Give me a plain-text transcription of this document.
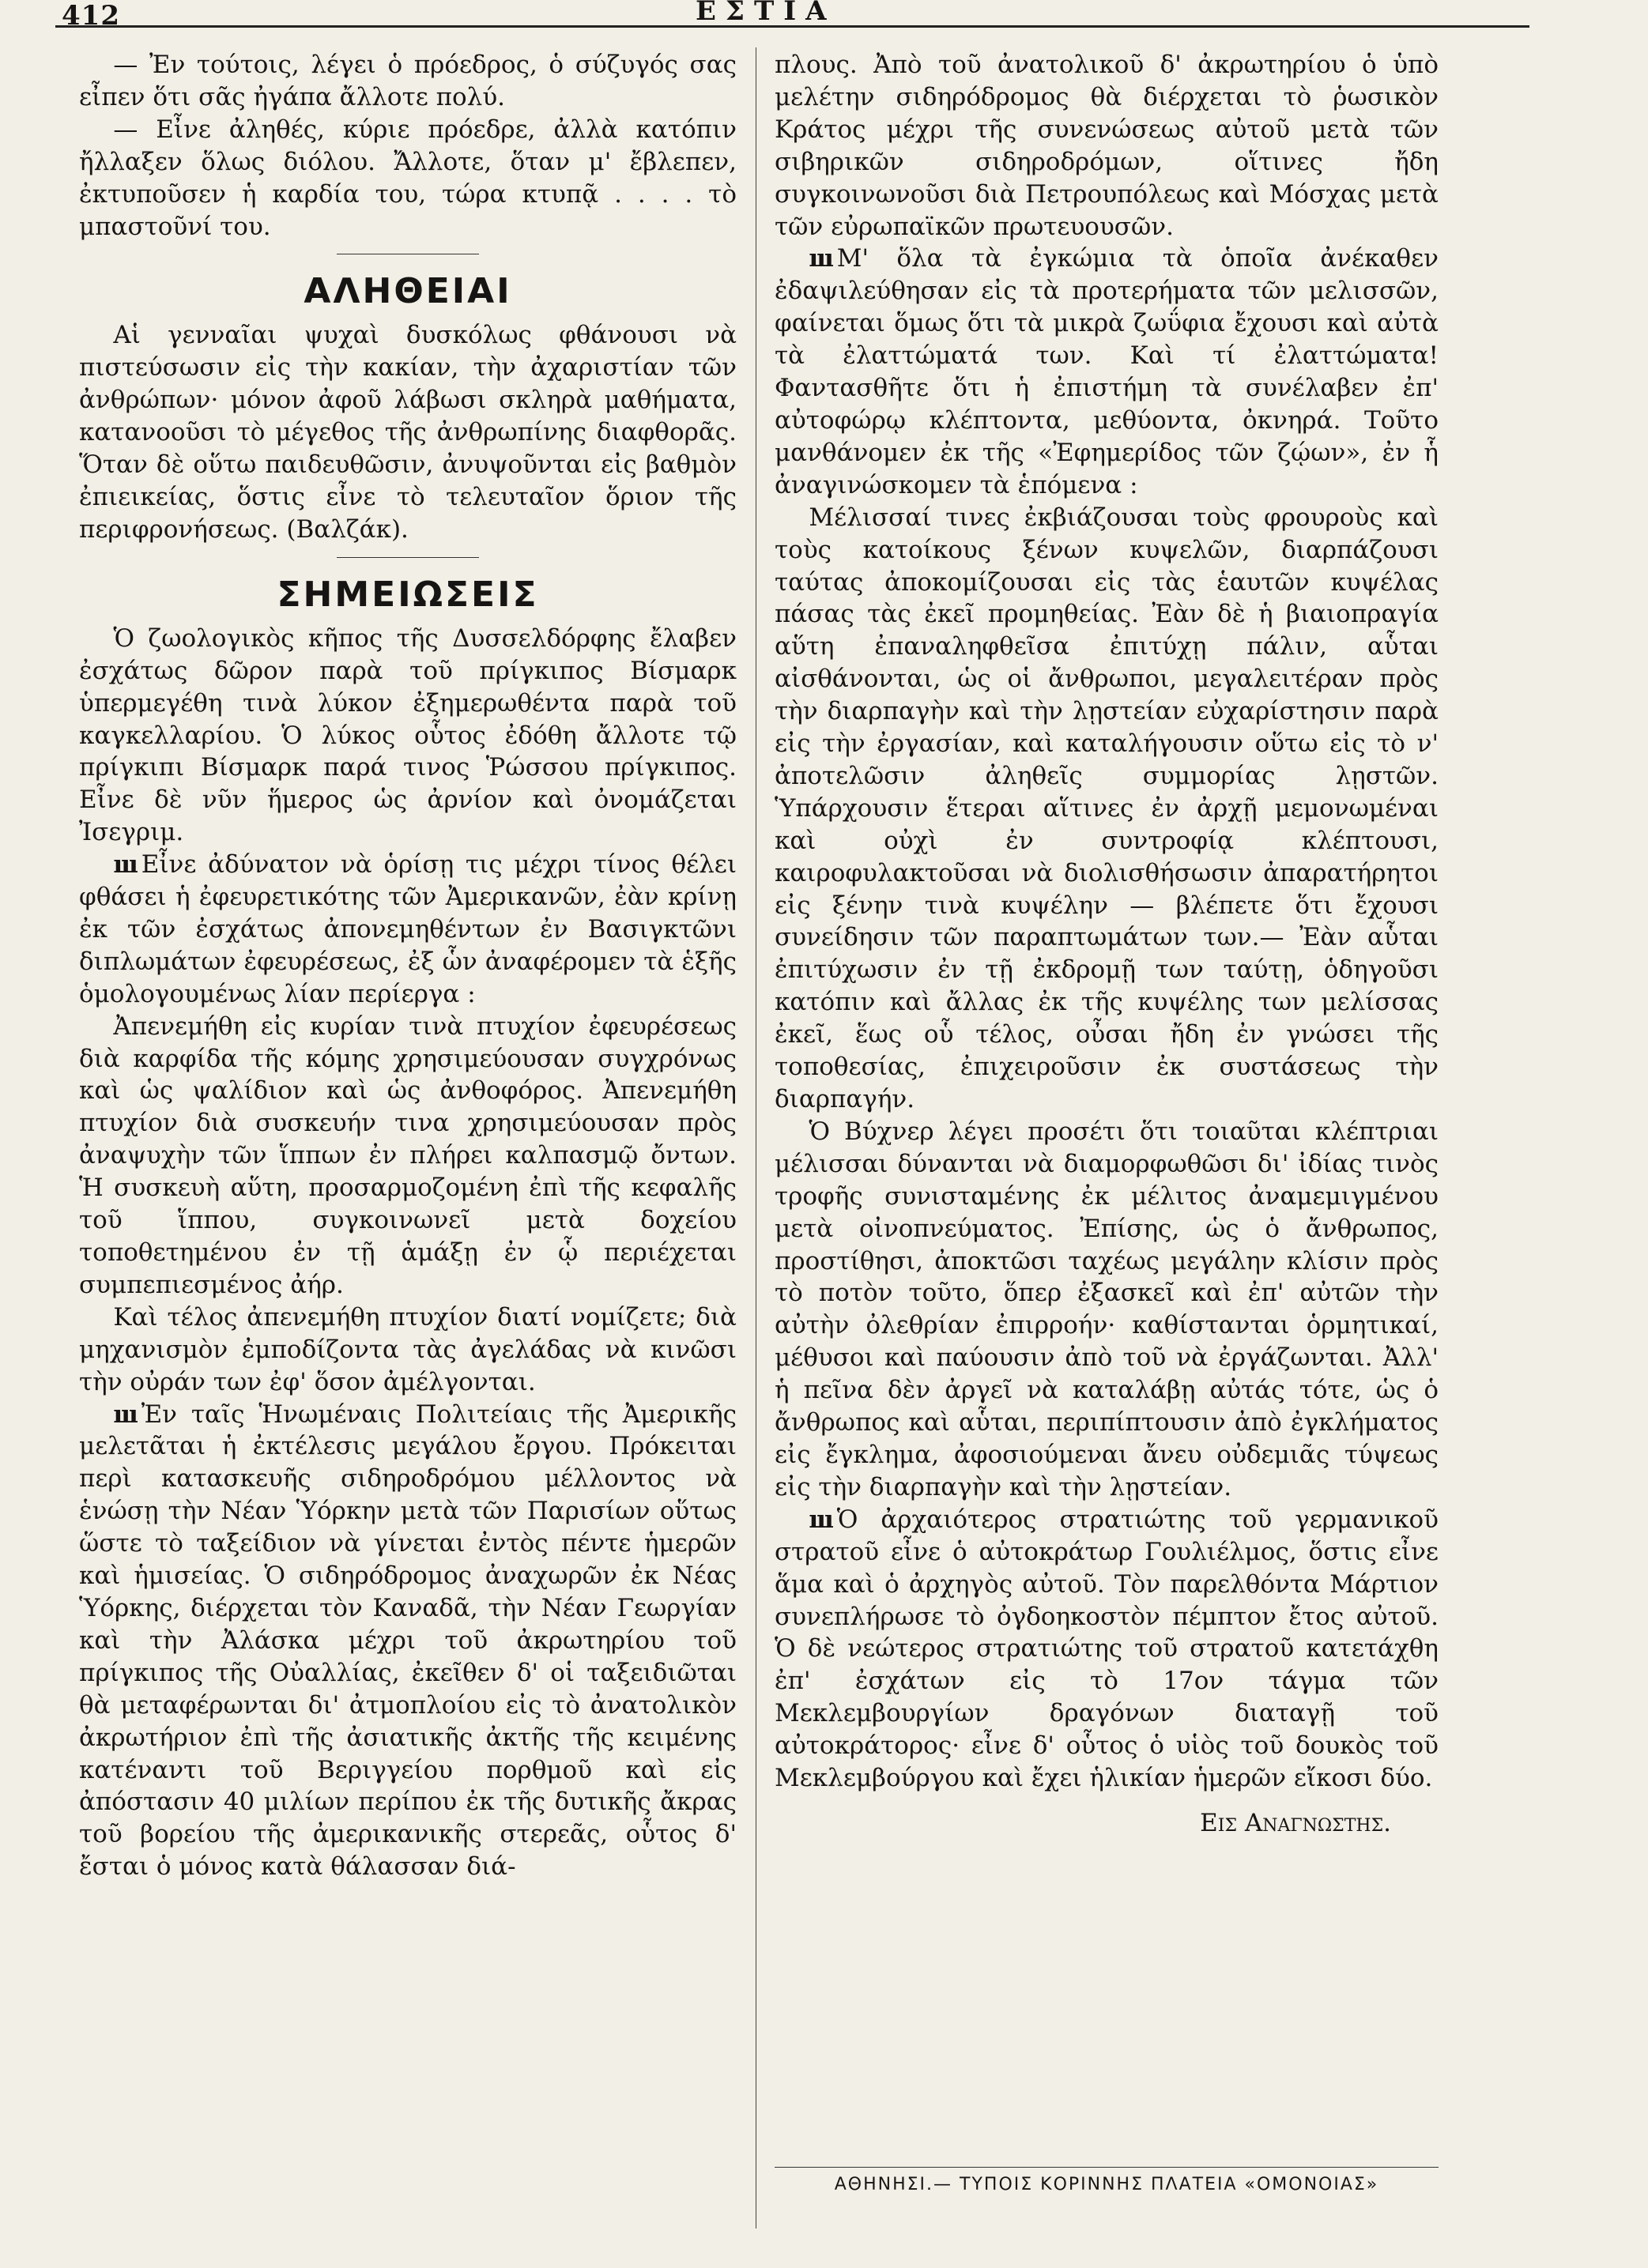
412	ΕΣΤΙΑ

— Ἐν τούτοις, λέγει ὁ πρόεδρος, ὁ σύζυγός σας εἶπεν ὅτι σᾶς ἠγάπα ἄλλοτε πολύ.

— Εἶνε ἀληθές, κύριε πρόεδρε, ἀλλὰ κατόπιν ἤλλαξεν ὅλως διόλου. Ἄλλοτε, ὅταν μ' ἔβλεπεν, ἐκτυποῦσεν ἡ καρδία του, τώρα κτυπᾷ . . . . τὸ μπαστοῦνί του.

ΑΛΗΘΕΙΑΙ

Αἱ γενναῖαι ψυχαὶ δυσκόλως φθάνουσι νὰ πιστεύσωσιν εἰς τὴν κακίαν, τὴν ἀχαριστίαν τῶν ἀνθρώπων· μόνον ἀφοῦ λάβωσι σκληρὰ μαθήματα, κατανοοῦσι τὸ μέγεθος τῆς ἀνθρωπίνης διαφθορᾶς. Ὅταν δὲ οὕτω παιδευθῶσιν, ἀνυψοῦνται εἰς βαθμὸν ἐπιεικείας, ὅστις εἶνε τὸ τελευταῖον ὅριον τῆς περιφρονήσεως. (Βαλζάκ).

ΣΗΜΕΙΩΣΕΙΣ

Ὁ ζωολογικὸς κῆπος τῆς Δυσσελδόρφης ἔλαβεν ἐσχάτως δῶρον παρὰ τοῦ πρίγκιπος Βίσμαρκ ὑπερμεγέθη τινὰ λύκον ἐξημερωθέντα παρὰ τοῦ καγκελλαρίου. Ὁ λύκος οὗτος ἐδόθη ἄλλοτε τῷ πρίγκιπι Βίσμαρκ παρά τινος Ῥώσσου πρίγκιπος. Εἶνε δὲ νῦν ἥμερος ὡς ἀρνίον καὶ ὀνομάζεται Ἰσεγριμ.

ııı Εἶνε ἀδύνατον νὰ ὁρίσῃ τις μέχρι τίνος θέλει φθάσει ἡ ἐφευρετικότης τῶν Ἀμερικανῶν, ἐὰν κρίνῃ ἐκ τῶν ἐσχάτως ἀπονεμηθέντων ἐν Βασιγκτῶνι διπλωμάτων ἐφευρέσεως, ἐξ ὧν ἀναφέρομεν τὰ ἑξῆς ὁμολογουμένως λίαν περίεργα :

Ἀπενεμήθη εἰς κυρίαν τινὰ πτυχίον ἐφευρέσεως διὰ καρφίδα τῆς κόμης χρησιμεύουσαν συγχρόνως καὶ ὡς ψαλίδιον καὶ ὡς ἀνθοφόρος. Ἀπενεμήθη πτυχίον διὰ συσκευήν τινα χρησιμεύουσαν πρὸς ἀναψυχὴν τῶν ἵππων ἐν πλήρει καλπασμῷ ὄντων. Ἡ συσκευὴ αὕτη, προσαρμοζομένη ἐπὶ τῆς κεφαλῆς τοῦ ἵππου, συγκοινωνεῖ μετὰ δοχείου τοποθετημένου ἐν τῇ ἁμάξῃ ἐν ᾧ περιέχεται συμπεπιεσμένος ἀήρ.

Καὶ τέλος ἀπενεμήθη πτυχίον διατί νομίζετε; διὰ μηχανισμὸν ἐμποδίζοντα τὰς ἀγελάδας νὰ κινῶσι τὴν οὐράν των ἐφ' ὅσον ἀμέλγονται.

ııı Ἐν ταῖς Ἡνωμέναις Πολιτείαις τῆς Ἀμερικῆς μελετᾶται ἡ ἐκτέλεσις μεγάλου ἔργου. Πρόκειται περὶ κατασκευῆς σιδηροδρόμου μέλλοντος νὰ ἑνώσῃ τὴν Νέαν Ὑόρκην μετὰ τῶν Παρισίων οὕτως ὥστε τὸ ταξείδιον νὰ γίνεται ἐντὸς πέντε ἡμερῶν καὶ ἡμισείας. Ὁ σιδηρόδρομος ἀναχωρῶν ἐκ Νέας Ὑόρκης, διέρχεται τὸν Καναδᾶ, τὴν Νέαν Γεωργίαν καὶ τὴν Ἀλάσκα μέχρι τοῦ ἀκρωτηρίου τοῦ πρίγκιπος τῆς Οὐαλλίας, ἐκεῖθεν δ' οἱ ταξειδιῶται θὰ μεταφέρωνται δι' ἀτμοπλοίου εἰς τὸ ἀνατολικὸν ἀκρωτήριον ἐπὶ τῆς ἀσιατικῆς ἀκτῆς τῆς κειμένης κατέναντι τοῦ Βεριγγείου πορθμοῦ καὶ εἰς ἀπόστασιν 40 μιλίων περίπου ἐκ τῆς δυτικῆς ἄκρας τοῦ βορείου τῆς ἀμερικανικῆς στερεᾶς, οὗτος δ' ἔσται ὁ μόνος κατὰ θάλασσαν διά-

πλους. Ἀπὸ τοῦ ἀνατολικοῦ δ' ἀκρωτηρίου ὁ ὑπὸ μελέτην σιδηρόδρομος θὰ διέρχεται τὸ ῥωσικὸν Κράτος μέχρι τῆς συνενώσεως αὐτοῦ μετὰ τῶν σιβηρικῶν σιδηροδρόμων, οἵτινες ἤδη συγκοινωνοῦσι διὰ Πετρουπόλεως καὶ Μόσχας μετὰ τῶν εὐρωπαϊκῶν πρωτευουσῶν.

ııı Μ' ὅλα τὰ ἐγκώμια τὰ ὁποῖα ἀνέκαθεν ἐδαψιλεύθησαν εἰς τὰ προτερήματα τῶν μελισσῶν, φαίνεται ὅμως ὅτι τὰ μικρὰ ζωΰφια ἔχουσι καὶ αὐτὰ τὰ ἐλαττώματά των. Καὶ τί ἐλαττώματα! Φαντασθῆτε ὅτι ἡ ἐπιστήμη τὰ συνέλαβεν ἐπ' αὐτοφώρῳ κλέπτοντα, μεθύοντα, ὀκνηρά. Τοῦτο μανθάνομεν ἐκ τῆς «Ἐφημερίδος τῶν ζῴων», ἐν ἧ ἀναγινώσκομεν τὰ ἑπόμενα :

Μέλισσαί τινες ἐκβιάζουσαι τοὺς φρουροὺς καὶ τοὺς κατοίκους ξένων κυψελῶν, διαρπάζουσι ταύτας ἀποκομίζουσαι εἰς τὰς ἑαυτῶν κυψέλας πάσας τὰς ἐκεῖ προμηθείας. Ἐὰν δὲ ἡ βιαιοπραγία αὕτη ἐπαναληφθεῖσα ἐπιτύχῃ πάλιν, αὗται αἰσθάνονται, ὡς οἱ ἄνθρωποι, μεγαλειτέραν πρὸς τὴν διαρπαγὴν καὶ τὴν λῃστείαν εὐχαρίστησιν παρὰ εἰς τὴν ἐργασίαν, καὶ καταλήγουσιν οὕτω εἰς τὸ ν' ἀποτελῶσιν ἀληθεῖς συμμορίας λῃστῶν. Ὑπάρχουσιν ἕτεραι αἵτινες ἐν ἀρχῇ μεμονωμέναι καὶ οὐχὶ ἐν συντροφίᾳ κλέπτουσι, καιροφυλακτοῦσαι νὰ διολισθήσωσιν ἀπαρατήρητοι εἰς ξένην τινὰ κυψέλην — βλέπετε ὅτι ἔχουσι συνείδησιν τῶν παραπτωμάτων των.— Ἐὰν αὗται ἐπιτύχωσιν ἐν τῇ ἐκδρομῇ των ταύτῃ, ὁδηγοῦσι κατόπιν καὶ ἄλλας ἐκ τῆς κυψέλης των μελίσσας ἐκεῖ, ἕως οὗ τέλος, οὖσαι ἤδη ἐν γνώσει τῆς τοποθεσίας, ἐπιχειροῦσιν ἐκ συστάσεως τὴν διαρπαγήν.

Ὁ Βύχνερ λέγει προσέτι ὅτι τοιαῦται κλέπτριαι μέλισσαι δύνανται νὰ διαμορφωθῶσι δι' ἰδίας τινὸς τροφῆς συνισταμένης ἐκ μέλιτος ἀναμεμιγμένου μετὰ οἰνοπνεύματος. Ἐπίσης, ὡς ὁ ἄνθρωπος, προστίθησι, ἀποκτῶσι ταχέως μεγάλην κλίσιν πρὸς τὸ ποτὸν τοῦτο, ὅπερ ἐξασκεῖ καὶ ἐπ' αὐτῶν τὴν αὐτὴν ὀλεθρίαν ἐπιρροήν· καθίστανται ὁρμητικαί, μέθυσοι καὶ παύουσιν ἀπὸ τοῦ νὰ ἐργάζωνται. Ἀλλ' ἡ πεῖνα δὲν ἀργεῖ νὰ καταλάβῃ αὐτάς τότε, ὡς ὁ ἄνθρωπος καὶ αὗται, περιπίπτουσιν ἀπὸ ἐγκλήματος εἰς ἔγκλημα, ἀφοσιούμεναι ἄνευ οὐδεμιᾶς τύψεως εἰς τὴν διαρπαγὴν καὶ τὴν λῃστείαν.

ııı Ὁ ἀρχαιότερος στρατιώτης τοῦ γερμανικοῦ στρατοῦ εἶνε ὁ αὐτοκράτωρ Γουλιέλμος, ὅστις εἶνε ἅμα καὶ ὁ ἀρχηγὸς αὐτοῦ. Τὸν παρελθόντα Μάρτιον συνεπλήρωσε τὸ ὀγδοηκοστὸν πέμπτον ἔτος αὐτοῦ. Ὁ δὲ νεώτερος στρατιώτης τοῦ στρατοῦ κατετάχθη ἐπ' ἐσχάτων εἰς τὸ 17ον τάγμα τῶν Μεκλεμβουργίων δραγόνων διαταγῇ τοῦ αὐτοκράτορος· εἶνε δ' οὗτος ὁ υἱὸς τοῦ δουκὸς τοῦ Μεκλεμβούργου καὶ ἔχει ἡλικίαν ἡμερῶν εἴκοσι δύο.

Εις Αναγνωστης.
ΑΘΗΝΗΣΙ.— ΤΥΠΟΙΣ ΚΟΡΙΝΝΗΣ ΠΛΑΤΕΙΑ «ΟΜΟΝΟΙΑΣ»
